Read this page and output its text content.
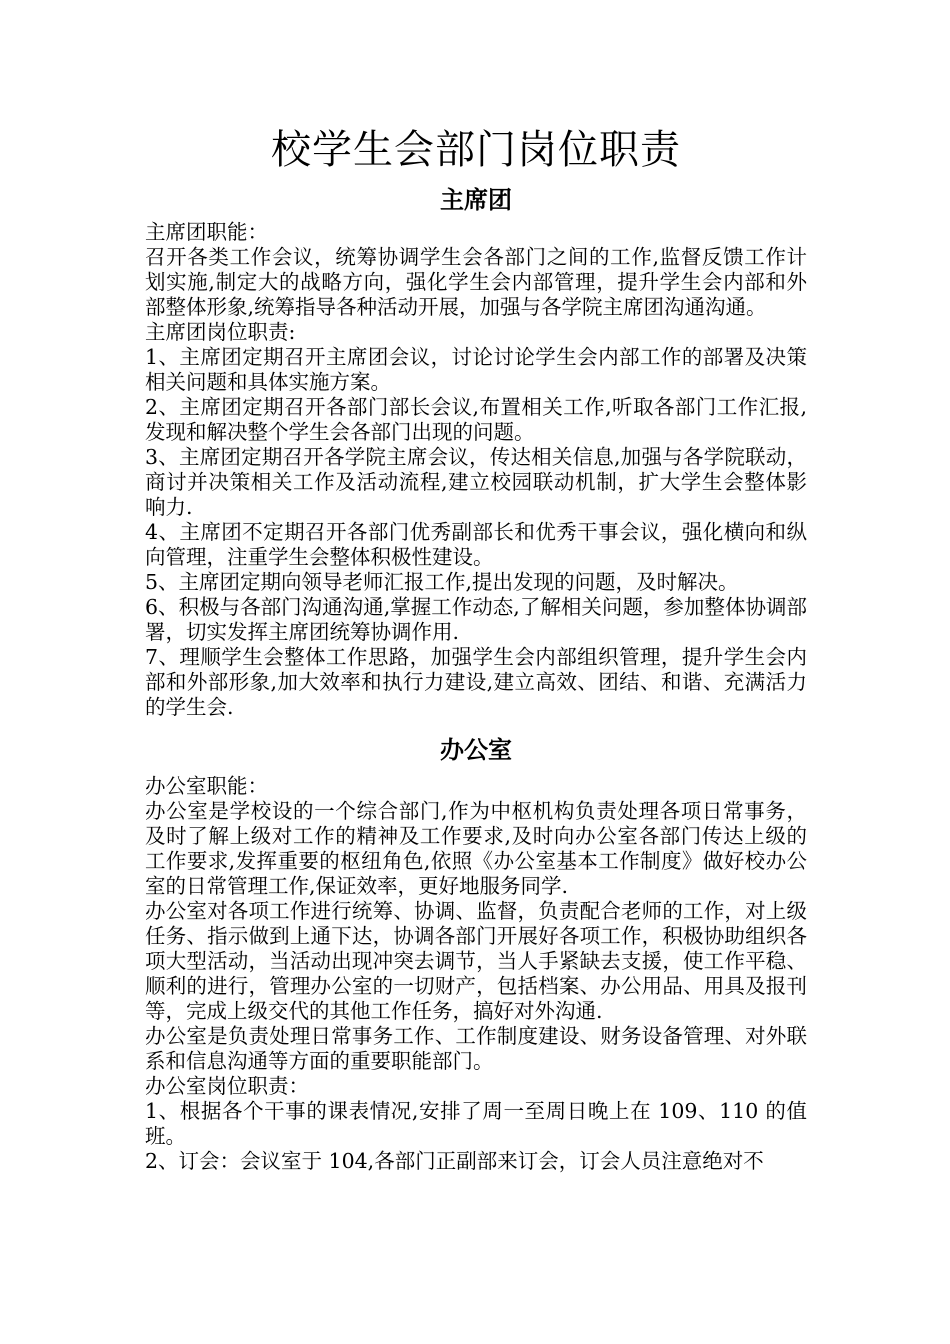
校学生会部门岗位职责
主席团

主席团职能：

召开各类工作会议，统筹协调学生会各部门之间的工作,监督反馈工作计划实施,制定大的战略方向，强化学生会内部管理，提升学生会内部和外部整体形象,统筹指导各种活动开展，加强与各学院主席团沟通沟通。

主席团岗位职责:

1、主席团定期召开主席团会议，讨论讨论学生会内部工作的部署及决策相关问题和具体实施方案。

2、主席团定期召开各部门部长会议,布置相关工作,听取各部门工作汇报,发现和解决整个学生会各部门出现的问题。

3、主席团定期召开各学院主席会议，传达相关信息,加强与各学院联动，商讨并决策相关工作及活动流程,建立校园联动机制，扩大学生会整体影响力.

4、主席团不定期召开各部门优秀副部长和优秀干事会议，强化横向和纵向管理，注重学生会整体积极性建设。

5、主席团定期向领导老师汇报工作,提出发现的问题，及时解决。

6、积极与各部门沟通沟通,掌握工作动态,了解相关问题，参加整体协调部署，切实发挥主席团统筹协调作用.

7、理顺学生会整体工作思路，加强学生会内部组织管理，提升学生会内部和外部形象,加大效率和执行力建设,建立高效、团结、和谐、充满活力的学生会.

办公室

办公室职能：

办公室是学校设的一个综合部门,作为中枢机构负责处理各项日常事务，及时了解上级对工作的精神及工作要求,及时向办公室各部门传达上级的工作要求,发挥重要的枢纽角色,依照《办公室基本工作制度》做好校办公室的日常管理工作,保证效率，更好地服务同学.

办公室对各项工作进行统筹、协调、监督，负责配合老师的工作，对上级任务、指示做到上通下达，协调各部门开展好各项工作，积极协助组织各项大型活动，当活动出现冲突去调节，当人手紧缺去支援，使工作平稳、顺利的进行，管理办公室的一切财产，包括档案、办公用品、用具及报刊等，完成上级交代的其他工作任务，搞好对外沟通.

办公室是负责处理日常事务工作、工作制度建设、财务设备管理、对外联系和信息沟通等方面的重要职能部门。

办公室岗位职责：

1、根据各个干事的课表情况,安排了周一至周日晚上在 109、110 的值班。

2、订会：会议室于 104,各部门正副部来订会，订会人员注意绝对不
